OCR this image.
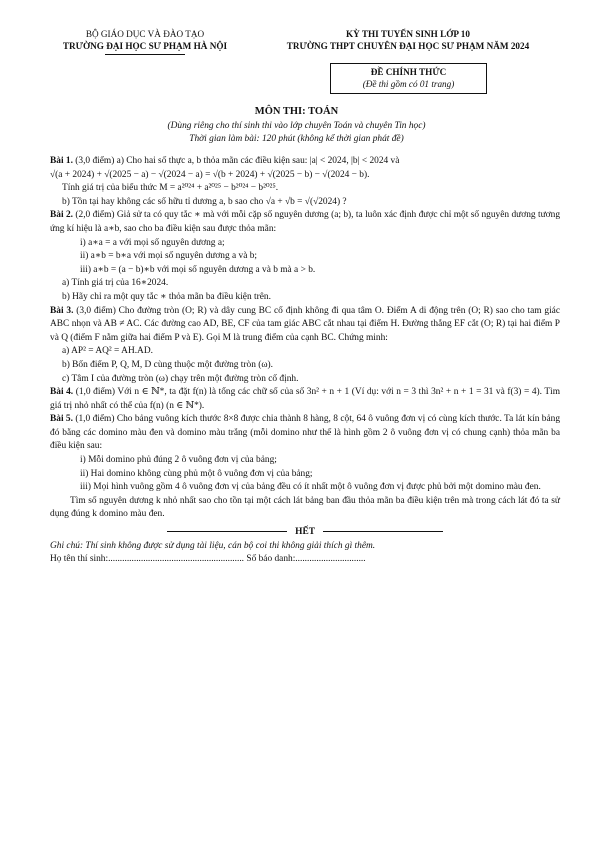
BỘ GIÁO DỤC VÀ ĐÀO TẠO
TRƯỜNG ĐẠI HỌC SƯ PHẠM HÀ NỘI
KỲ THI TUYỂN SINH LỚP 10
TRƯỜNG THPT CHUYÊN ĐẠI HỌC SƯ PHẠM NĂM 2024
ĐỀ CHÍNH THỨC
(Đề thi gồm có 01 trang)
MÔN THI: TOÁN
(Dùng riêng cho thí sinh thi vào lớp chuyên Toán và chuyên Tin học)
Thời gian làm bài: 120 phút (không kể thời gian phát đề)

Bài 1. (3,0 điểm) a) Cho hai số thực a, b thỏa mãn các điều kiện sau: |a| < 2024, |b| < 2024 và

√(a + 2024) + √(2025 − a) − √(2024 − a) = √(b + 2024) + √(2025 − b) − √(2024 − b).

Tính giá trị của biểu thức M = a²⁰²⁴ + a²⁰²⁵ − b²⁰²⁴ − b²⁰²⁵.

b) Tồn tại hay không các số hữu tỉ dương a, b sao cho √a + √b = √(√2024) ?

Bài 2. (2,0 điểm) Giả sử ta có quy tắc ∗ mà với mỗi cặp số nguyên dương (a; b), ta luôn xác định được chỉ một số nguyên dương tương ứng kí hiệu là a∗b, sao cho ba điều kiện sau được thỏa mãn:

i) a∗a = a với mọi số nguyên dương a;

ii) a∗b = b∗a với mọi số nguyên dương a và b;

iii) a∗b = (a − b)∗b với mọi số nguyên dương a và b mà a > b.

a) Tính giá trị của 16∗2024.

b) Hãy chỉ ra một quy tắc ∗ thỏa mãn ba điều kiện trên.

Bài 3. (3,0 điểm) Cho đường tròn (O; R) và dây cung BC cố định không đi qua tâm O. Điểm A di động trên (O; R) sao cho tam giác ABC nhọn và AB ≠ AC. Các đường cao AD, BE, CF của tam giác ABC cắt nhau tại điểm H. Đường thẳng EF cắt (O; R) tại hai điểm P và Q (điểm F nằm giữa hai điểm P và E). Gọi M là trung điểm của cạnh BC. Chứng minh:

a) AP² = AQ² = AH.AD.

b) Bốn điểm P, Q, M, D cùng thuộc một đường tròn (ω).

c) Tâm I của đường tròn (ω) chạy trên một đường tròn cố định.

Bài 4. (1,0 điểm) Với n ∈ ℕ*, ta đặt f(n) là tổng các chữ số của số 3n² + n + 1 (Ví dụ: với n = 3 thì 3n² + n + 1 = 31 và f(3) = 4). Tìm giá trị nhỏ nhất có thể của f(n) (n ∈ ℕ*).

Bài 5. (1,0 điểm) Cho bảng vuông kích thước 8×8 được chia thành 8 hàng, 8 cột, 64 ô vuông đơn vị có cùng kích thước. Ta lát kín bảng đó bằng các domino màu đen và domino màu trắng (mỗi domino như thế là hình gồm 2 ô vuông đơn vị có chung cạnh) thỏa mãn ba điều kiện sau:

i) Mỗi domino phủ đúng 2 ô vuông đơn vị của bảng;

ii) Hai domino không cùng phủ một ô vuông đơn vị của bảng;

iii) Mọi hình vuông gồm 4 ô vuông đơn vị của bảng đều có ít nhất một ô vuông đơn vị được phủ bởi một domino màu đen.

Tìm số nguyên dương k nhỏ nhất sao cho tồn tại một cách lát bảng ban đầu thỏa mãn ba điều kiện trên mà trong cách lát đó ta sử dụng đúng k domino màu đen.

HẾT

Ghi chú: Thí sinh không được sử dụng tài liệu, cán bộ coi thi không giải thích gì thêm.

Họ tên thí sinh:.......................................................... Số báo danh:..............................
